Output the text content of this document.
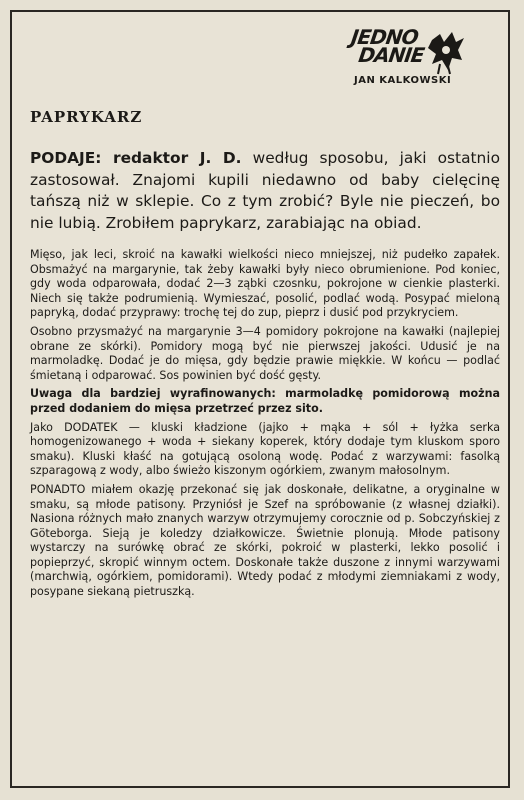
JEDNO
DANIE
JAN KALKOWSKI
PAPRYKARZ
PODAJE: redaktor J. D. według sposobu, jaki ostatnio zastosował. Znajomi kupili niedawno od baby cielęcinę tańszą niż w sklepie. Co z tym zrobić? Byle nie pieczeń, bo nie lubią. Zrobiłem paprykarz, zarabiając na obiad.

Mięso, jak leci, skroić na kawałki wielkości nieco mniejszej, niż pudełko zapałek. Obsmażyć na margarynie, tak żeby kawałki były nieco obrumienione. Pod koniec, gdy woda odparowała, dodać 2—3 ząbki czosnku, pokrojone w cienkie plasterki. Niech się także podrumienią. Wymieszać, posolić, podlać wodą. Posypać mieloną papryką, dodać przyprawy: trochę tej do zup, pieprz i dusić pod przykryciem.

Osobno przysmażyć na margarynie 3—4 pomidory pokrojone na kawałki (najlepiej obrane ze skórki). Pomidory mogą być nie pierwszej jakości. Udusić je na marmoladkę. Dodać je do mięsa, gdy będzie prawie miękkie. W końcu — podlać śmietaną i odparować. Sos powinien być dość gęsty.

Uwaga dla bardziej wyrafinowanych: marmoladkę pomidorową można przed dodaniem do mięsa przetrzeć przez sito.

Jako DODATEK — kluski kładzione (jajko + mąka + sól + łyżka serka homogenizowanego + woda + siekany koperek, który dodaje tym kluskom sporo smaku). Kluski kłaść na gotującą osoloną wodę. Podać z warzywami: fasolką szparagową z wody, albo świeżo kiszonym ogórkiem, zwanym małosolnym.

PONADTO miałem okazję przekonać się jak doskonałe, delikatne, a oryginalne w smaku, są młode patisony. Przyniósł je Szef na spróbowanie (z własnej działki). Nasiona różnych mało znanych warzyw otrzymujemy corocznie od p. Sobczyńskiej z Göteborga. Sieją je koledzy działkowicze. Świetnie plonują. Młode patisony wystarczy na surówkę obrać ze skórki, pokroić w plasterki, lekko posolić i popieprzyć, skropić winnym octem. Doskonałe także duszone z innymi warzywami (marchwią, ogórkiem, pomidorami). Wtedy podać z młodymi ziemniakami z wody, posypane siekaną pietruszką.
